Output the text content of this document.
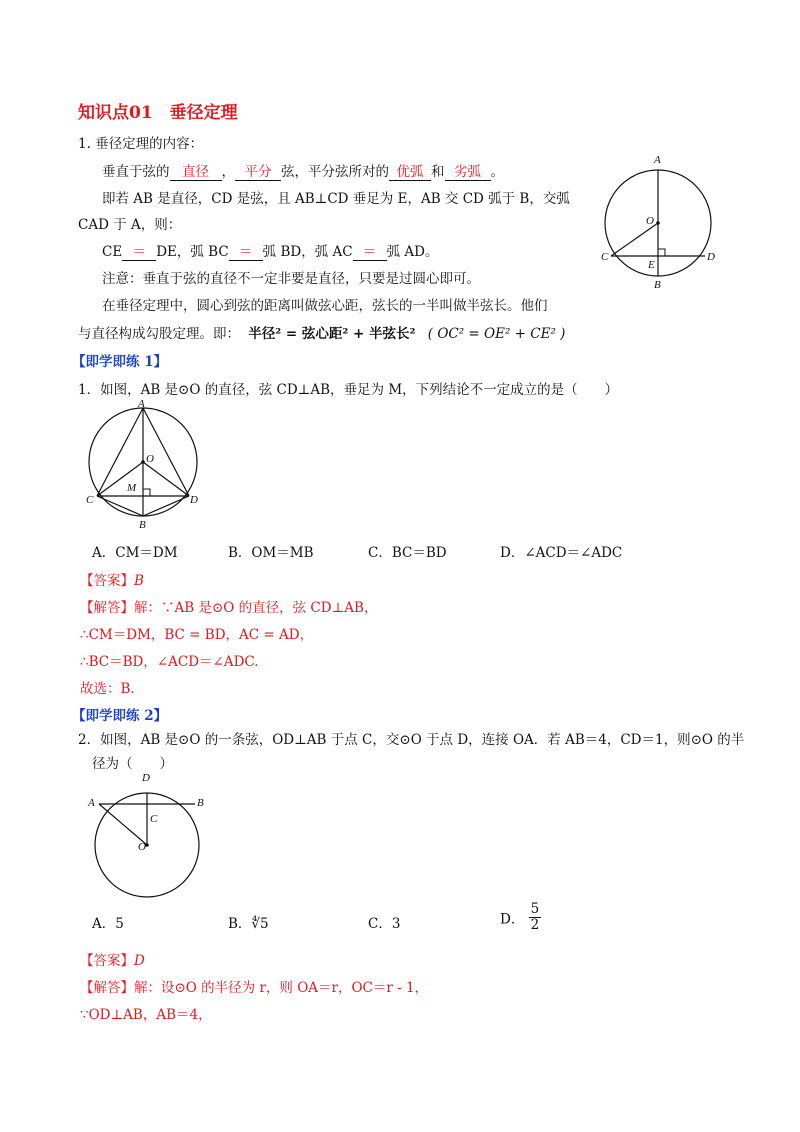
知识点01　垂径定理
1. 垂径定理的内容：
垂直于弦的 直径 ， 平分 弦，平分弦所对的 优弧 和 劣弧 。
即若 AB 是直径，CD 是弦，且 AB⊥CD 垂足为 E，AB 交 CD 弧于 B，交弧
CAD 于 A，则：
CE ＝ DE，弧 BC ＝ 弧 BD，弧 AC ＝ 弧 AD。
注意：垂直于弦的直径不一定非要是直径，只要是过圆心即可。
在垂径定理中，圆心到弦的距离叫做弦心距，弦长的一半叫做半弦长。他们
与直径构成勾股定理。即： 半径² = 弦心距² + 半弦长² ( OC² = OE² + CE² )
A
O
C
E
D
B
【即学即练 1】
1．如图，AB 是⊙O 的直径，弦 CD⊥AB，垂足为 M，下列结论不一定成立的是（　　）
A
O
M
C	D
B
A．CM＝DM	B．OM＝MB	C．BC＝BD	D．∠ACD＝∠ADC
【答案】B
【解答】解：∵AB 是⊙O 的直径，弦 CD⊥AB，
∴CM＝DM，BC = BD，AC = AD，
∴BC＝BD，∠ACD＝∠ADC.
故选：B.
【即学即练 2】
2．如图，AB 是⊙O 的一条弦，OD⊥AB 于点 C，交⊙O 于点 D，连接 OA．若 AB＝4，CD＝1，则⊙O 的半
径为（　　）
D
A	B
C
O
A．5	B．∜5	C．3	D． $\frac{5}{2}$
【答案】D
【解答】解：设⊙O 的半径为 r，则 OA＝r，OC＝r - 1，
∵OD⊥AB，AB＝4，
